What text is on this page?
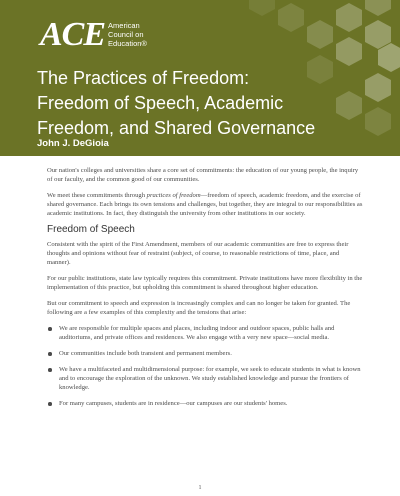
ACE American
Council on
Education®
The Practices of Freedom:
Freedom of Speech, Academic
Freedom, and Shared Governance
John J. DeGioia

Our nation's colleges and universities share a core set of commitments: the education of our young people, the inquiry of our faculty, and the common good of our communities.

We meet these commitments through practices of freedom—freedom of speech, academic freedom, and the exercise of shared governance. Each brings its own tensions and challenges, but together, they are integral to our responsibilities as academic institutions. In fact, they distinguish the university from other institutions in our society.

Freedom of Speech

Consistent with the spirit of the First Amendment, members of our academic communities are free to express their thoughts and opinions without fear of restraint (subject, of course, to reasonable restrictions of time, place, and manner).

For our public institutions, state law typically requires this commitment. Private institutions have more flexibility in the implementation of this practice, but upholding this commitment is shared throughout higher education.

But our commitment to speech and expression is increasingly complex and can no longer be taken for granted. The following are a few examples of this complexity and the tensions that arise:

We are responsible for multiple spaces and places, including indoor and outdoor spaces, public halls and auditoriums, and private offices and residences. We also engage with a very new space—social media.
Our communities include both transient and permanent members.
We have a multifaceted and multidimensional purpose: for example, we seek to educate students in what is known and to encourage the exploration of the unknown. We study established knowledge and pursue the frontiers of knowledge.
For many campuses, students are in residence—our campuses are our students' homes.
1
